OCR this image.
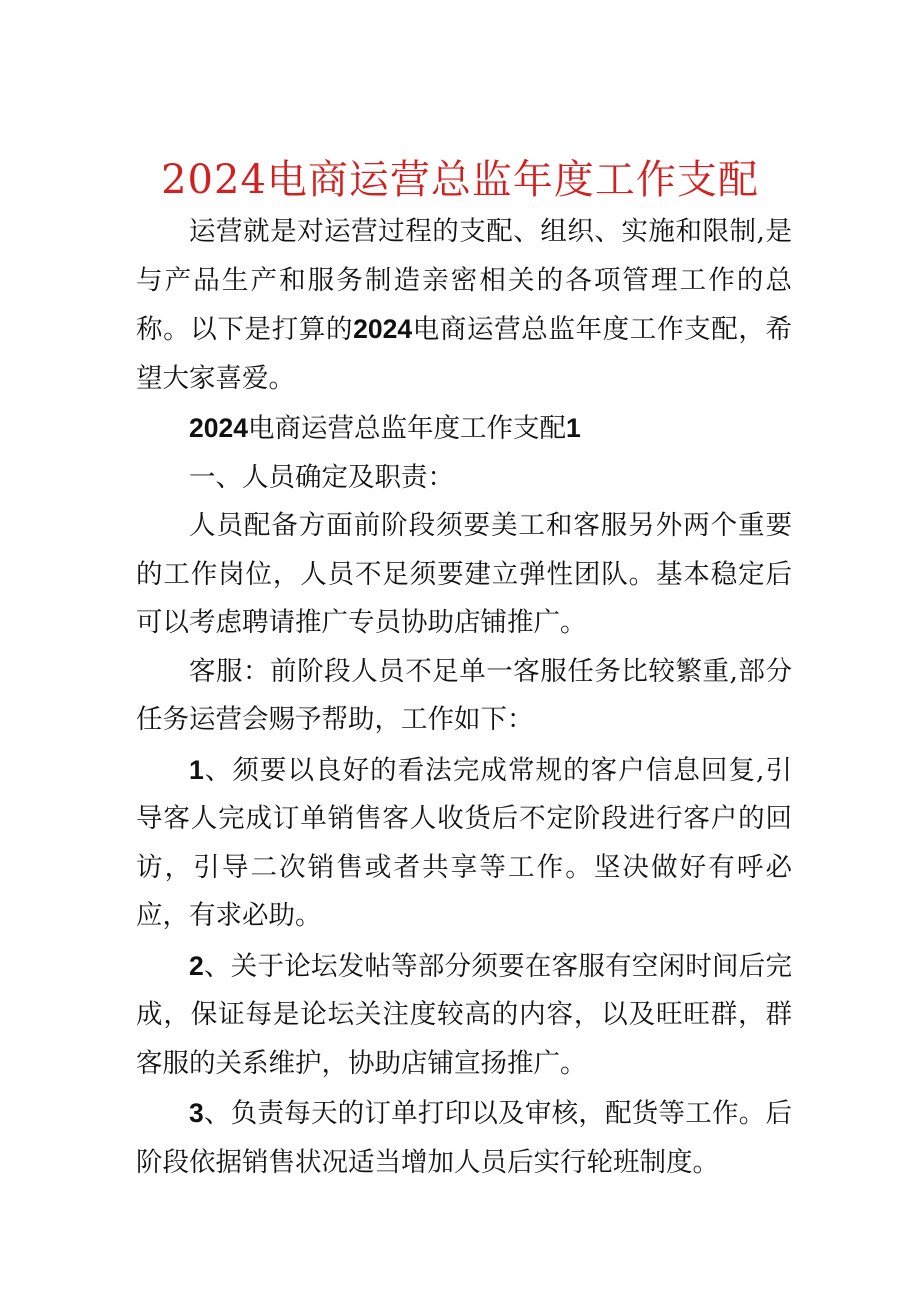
2024电商运营总监年度工作支配

运营就是对运营过程的支配、组织、实施和限制,是与产品生产和服务制造亲密相关的各项管理工作的总称。以下是打算的2024电商运营总监年度工作支配，希望大家喜爱。

2024电商运营总监年度工作支配1

一、人员确定及职责：

人员配备方面前阶段须要美工和客服另外两个重要的工作岗位，人员不足须要建立弹性团队。基本稳定后可以考虑聘请推广专员协助店铺推广。

客服：前阶段人员不足单一客服任务比较繁重,部分任务运营会赐予帮助，工作如下：

1、须要以良好的看法完成常规的客户信息回复,引导客人完成订单销售客人收货后不定阶段进行客户的回访，引导二次销售或者共享等工作。坚决做好有呼必应，有求必助。

2、关于论坛发帖等部分须要在客服有空闲时间后完成，保证每是论坛关注度较高的内容，以及旺旺群，群客服的关系维护，协助店铺宣扬推广。

3、负责每天的订单打印以及审核，配货等工作。后阶段依据销售状况适当增加人员后实行轮班制度。
